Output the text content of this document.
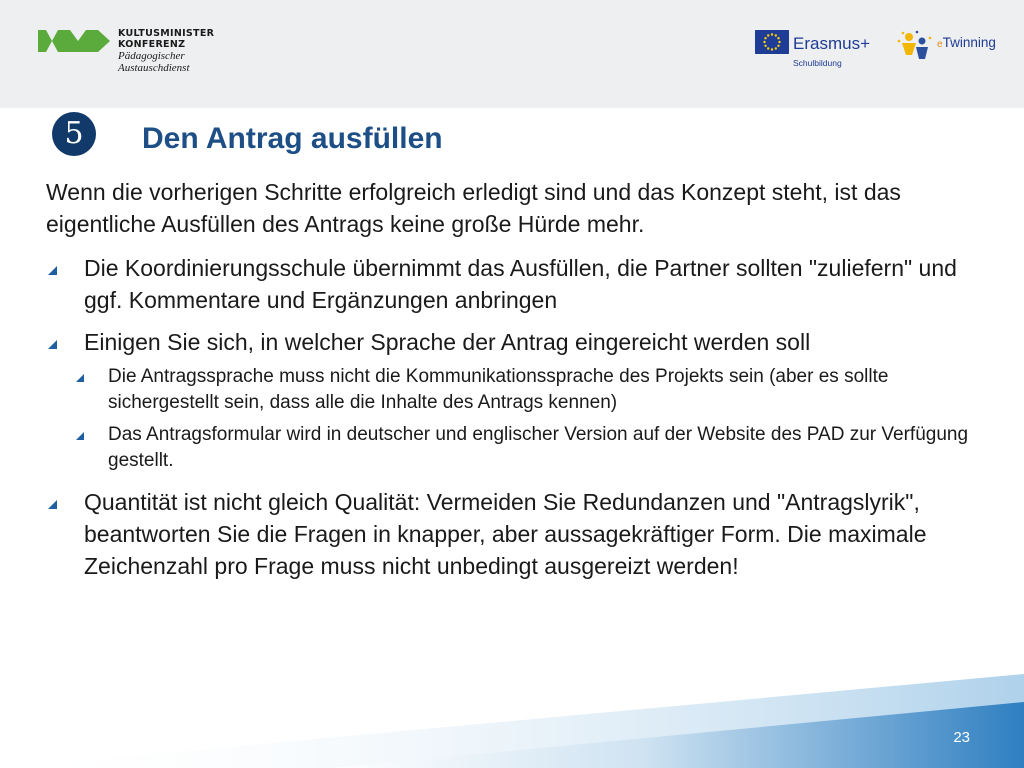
KULTUSMINISTER
KONFERENZ
Pädagogischer
Austauschdienst
Erasmus+
Schulbildung
eTwinning
5	Den Antrag ausfüllen

Wenn die vorherigen Schritte erfolgreich erledigt sind und das Konzept steht, ist das eigentliche Ausfüllen des Antrags keine große Hürde mehr.

Die Koordinierungsschule übernimmt das Ausfüllen, die Partner sollten "zuliefern" und ggf. Kommentare und Ergänzungen anbringen
Einigen Sie sich, in welcher Sprache der Antrag eingereicht werden soll
Die Antragssprache muss nicht die Kommunikationssprache des Projekts sein (aber es sollte sichergestellt sein, dass alle die Inhalte des Antrags kennen)
Das Antragsformular wird in deutscher und englischer Version auf der Website des PAD zur Verfügung gestellt.
Quantität ist nicht gleich Qualität: Vermeiden Sie Redundanzen und "Antragslyrik", beantworten Sie die Fragen in knapper, aber aussagekräftiger Form. Die maximale Zeichenzahl pro Frage muss nicht unbedingt ausgereizt werden!
23
